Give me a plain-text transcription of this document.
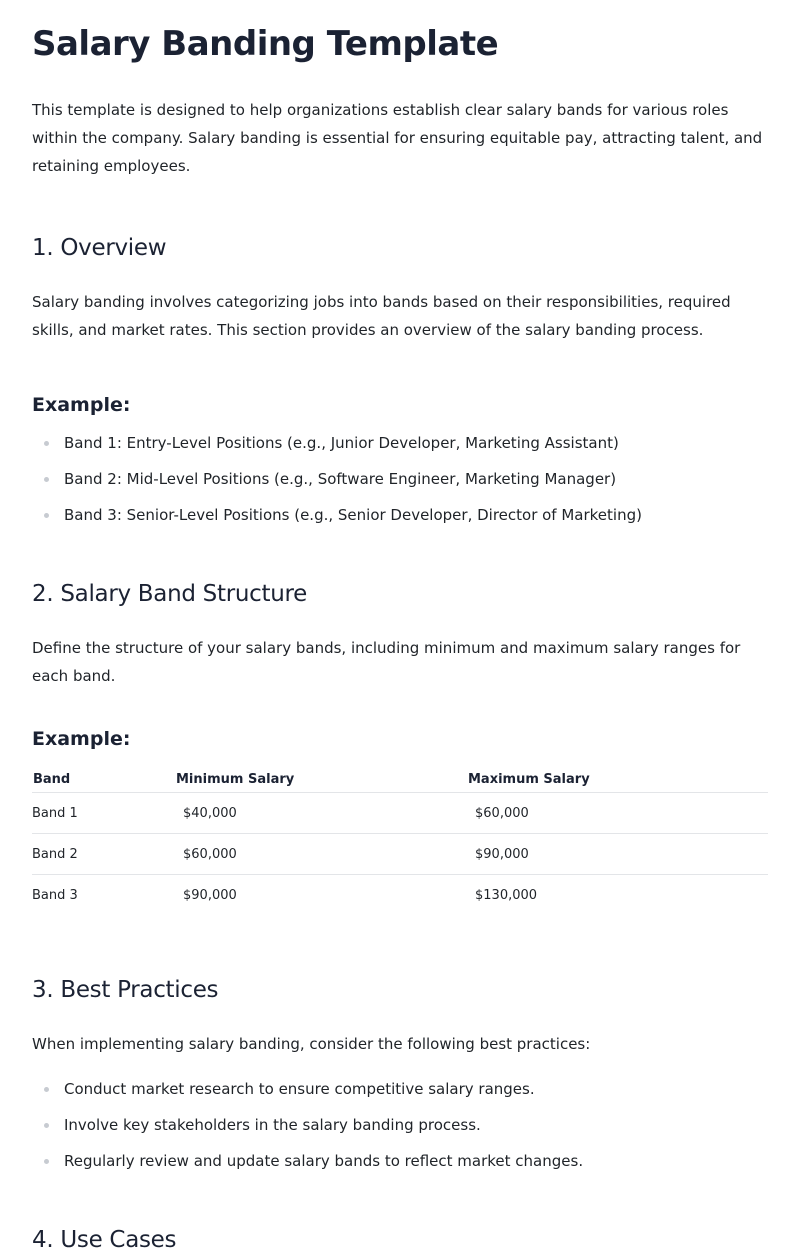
Salary Banding Template

This template is designed to help organizations establish clear salary bands for various roles within the company. Salary banding is essential for ensuring equitable pay, attracting talent, and retaining employees.

1. Overview

Salary banding involves categorizing jobs into bands based on their responsibilities, required skills, and market rates. This section provides an overview of the salary banding process.

Example:
Band 1: Entry-Level Positions (e.g., Junior Developer, Marketing Assistant)
Band 2: Mid-Level Positions (e.g., Software Engineer, Marketing Manager)
Band 3: Senior-Level Positions (e.g., Senior Developer, Director of Marketing)
2. Salary Band Structure

Define the structure of your salary bands, including minimum and maximum salary ranges for each band.

Example:
Band	Minimum Salary	Maximum Salary
Band 1	$40,000	$60,000
Band 2	$60,000	$90,000
Band 3	$90,000	$130,000
3. Best Practices

When implementing salary banding, consider the following best practices:

Conduct market research to ensure competitive salary ranges.
Involve key stakeholders in the salary banding process.
Regularly review and update salary bands to reflect market changes.
4. Use Cases
